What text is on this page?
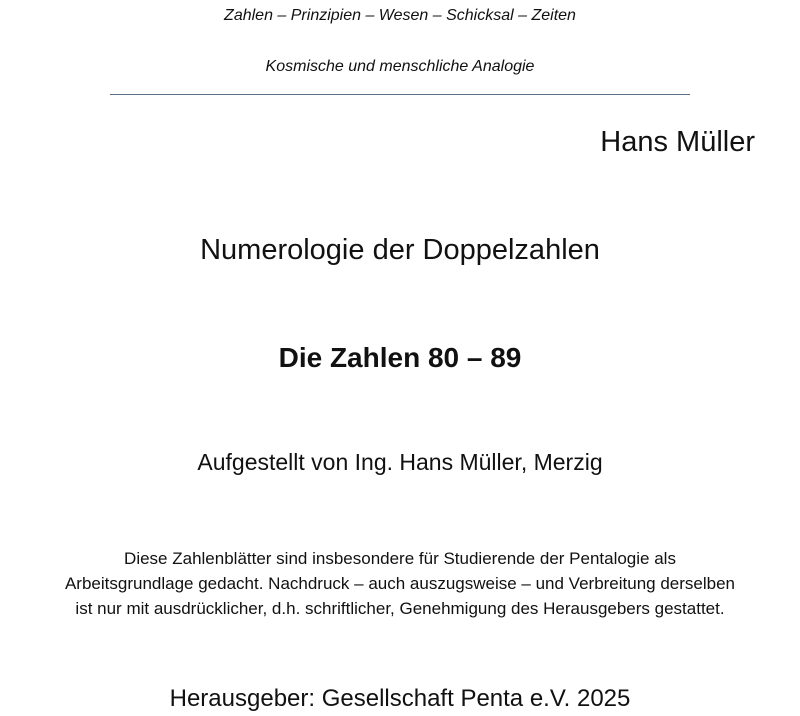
Zahlen – Prinzipien – Wesen – Schicksal – Zeiten
Kosmische und menschliche Analogie
Hans Müller
Numerologie der Doppelzahlen
Die Zahlen 80 – 89
Aufgestellt von Ing. Hans Müller, Merzig
Diese Zahlenblätter sind insbesondere für Studierende der Pentalogie als
Arbeitsgrundlage gedacht. Nachdruck – auch auszugsweise – und Verbreitung derselben
ist nur mit ausdrücklicher, d.h. schriftlicher, Genehmigung des Herausgebers gestattet.
Herausgeber: Gesellschaft Penta e.V. 2025
